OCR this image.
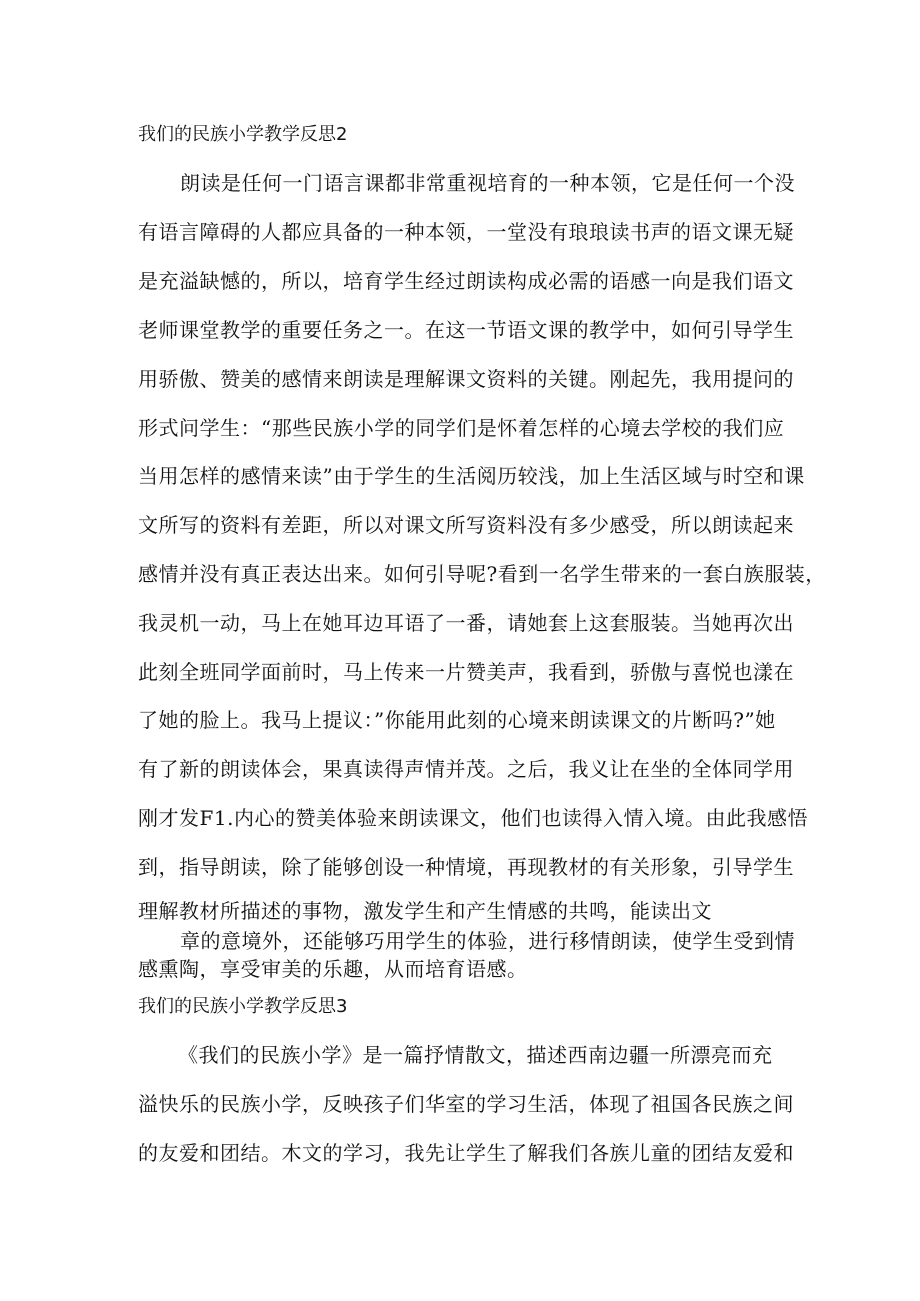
我们的民族小学教学反思2
朗读是任何一门语言课都非常重视培育的一种本领，它是任何一个没
有语言障碍的人都应具备的一种本领，一堂没有琅琅读书声的语文课无疑
是充溢缺憾的，所以，培育学生经过朗读构成必需的语感一向是我们语文
老师课堂教学的重要任务之一。在这一节语文课的教学中，如何引导学生
用骄傲、赞美的感情来朗读是理解课文资料的关键。刚起先，我用提问的
形式问学生：“那些民族小学的同学们是怀着怎样的心境去学校的我们应
当用怎样的感情来读”由于学生的生活阅历较浅，加上生活区域与时空和课
文所写的资料有差距，所以对课文所写资料没有多少感受，所以朗读起来
感情并没有真正表达出来。如何引导呢?看到一名学生带来的一套白族服装，
我灵机一动，马上在她耳边耳语了一番，请她套上这套服装。当她再次出
此刻全班同学面前时，马上传来一片赞美声，我看到，骄傲与喜悦也漾在
了她的脸上。我马上提议：”你能用此刻的心境来朗读课文的片断吗?”她
有了新的朗读体会，果真读得声情并茂。之后，我义让在坐的全体同学用
刚才发F1.内心的赞美体验来朗读课文，他们也读得入情入境。由此我感悟
到，指导朗读，除了能够创设一种情境，再现教材的有关形象，引导学生
理解教材所描述的事物，激发学生和产生情感的共鸣，能读出文
章的意境外，还能够巧用学生的体验，进行移情朗读，使学生受到情
感熏陶，享受审美的乐趣，从而培育语感。
我们的民族小学教学反思3
《我们的民族小学》是一篇抒情散文，描述西南边疆一所漂亮而充
溢快乐的民族小学，反映孩子们华室的学习生活，体现了祖国各民族之间
的友爱和团结。木文的学习，我先让学生了解我们各族儿童的团结友爱和
